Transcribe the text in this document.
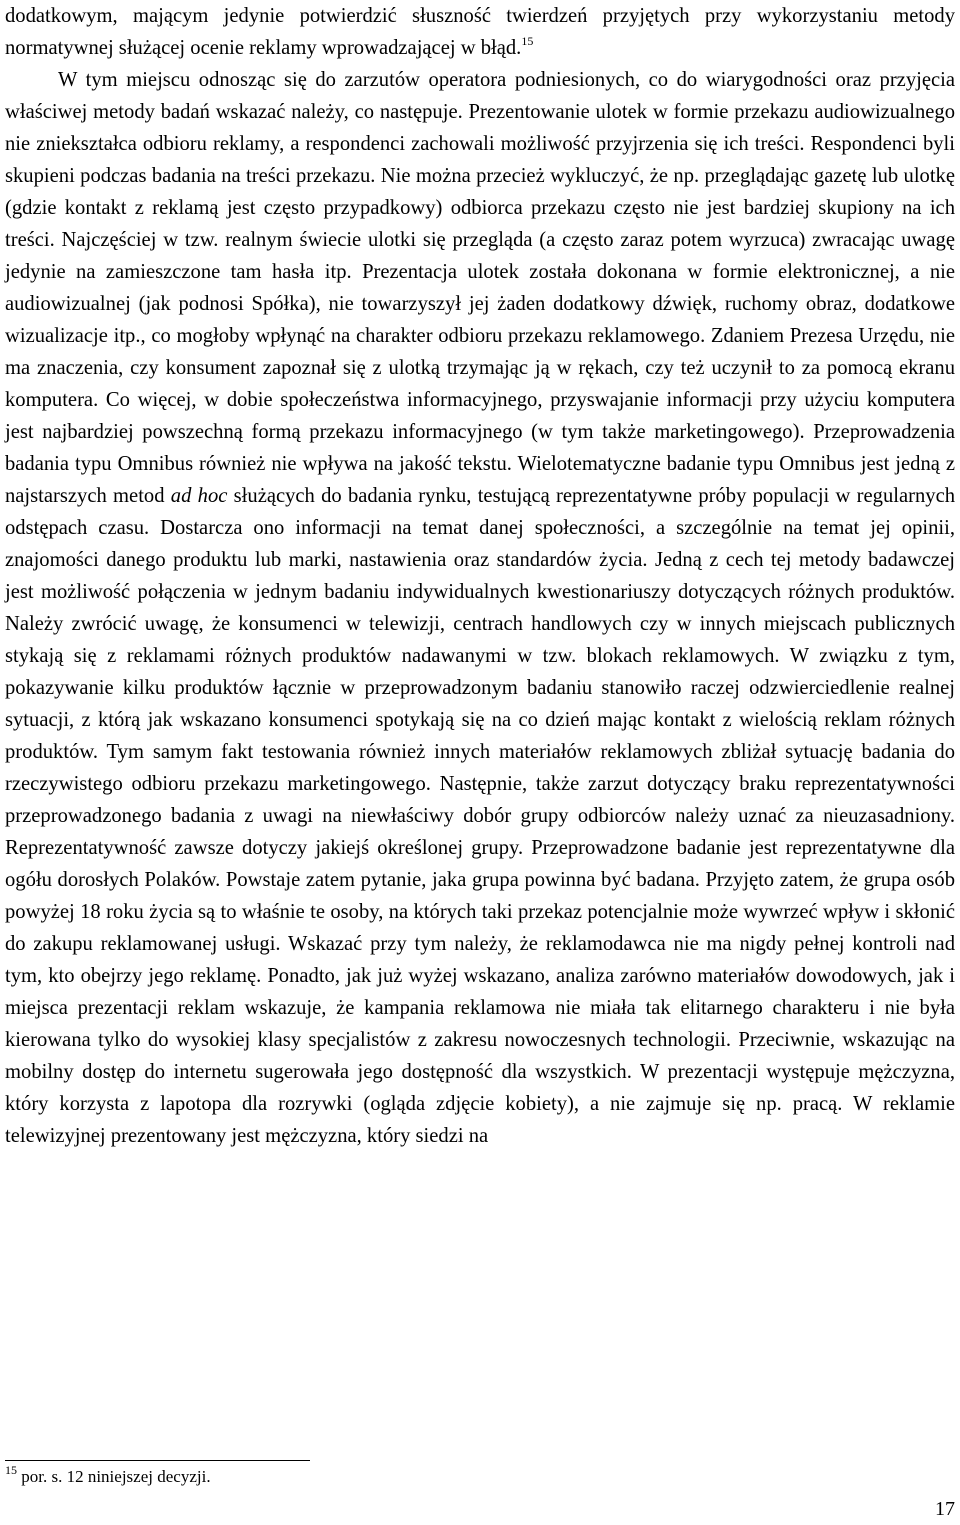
dodatkowym, mającym jedynie potwierdzić słuszność twierdzeń przyjętych przy wykorzystaniu metody normatywnej służącej ocenie reklamy wprowadzającej w błąd.$^{15}$

W tym miejscu odnosząc się do zarzutów operatora podniesionych, co do wiarygodności oraz przyjęcia właściwej metody badań wskazać należy, co następuje. Prezentowanie ulotek w formie przekazu audiowizualnego nie zniekształca odbioru reklamy, a respondenci zachowali możliwość przyjrzenia się ich treści. Respondenci byli skupieni podczas badania na treści przekazu. Nie można przecież wykluczyć, że np. przeglądając gazetę lub ulotkę (gdzie kontakt z reklamą jest często przypadkowy) odbiorca przekazu często nie jest bardziej skupiony na ich treści. Najczęściej w tzw. realnym świecie ulotki się przegląda (a często zaraz potem wyrzuca) zwracając uwagę jedynie na zamieszczone tam hasła itp. Prezentacja ulotek została dokonana w formie elektronicznej, a nie audiowizualnej (jak podnosi Spółka), nie towarzyszył jej żaden dodatkowy dźwięk, ruchomy obraz, dodatkowe wizualizacje itp., co mogłoby wpłynąć na charakter odbioru przekazu reklamowego. Zdaniem Prezesa Urzędu, nie ma znaczenia, czy konsument zapoznał się z ulotką trzymając ją w rękach, czy też uczynił to za pomocą ekranu komputera. Co więcej, w dobie społeczeństwa informacyjnego, przyswajanie informacji przy użyciu komputera jest najbardziej powszechną formą przekazu informacyjnego (w tym także marketingowego). Przeprowadzenia badania typu Omnibus również nie wpływa na jakość tekstu. Wielotematyczne badanie typu Omnibus jest jedną z najstarszych metod ad hoc służących do badania rynku, testującą reprezentatywne próby populacji w regularnych odstępach czasu. Dostarcza ono informacji na temat danej społeczności, a szczególnie na temat jej opinii, znajomości danego produktu lub marki, nastawienia oraz standardów życia. Jedną z cech tej metody badawczej jest możliwość połączenia w jednym badaniu indywidualnych kwestionariuszy dotyczących różnych produktów. Należy zwrócić uwagę, że konsumenci w telewizji, centrach handlowych czy w innych miejscach publicznych stykają się z reklamami różnych produktów nadawanymi w tzw. blokach reklamowych. W związku z tym, pokazywanie kilku produktów łącznie w przeprowadzonym badaniu stanowiło raczej odzwierciedlenie realnej sytuacji, z którą jak wskazano konsumenci spotykają się na co dzień mając kontakt z wielością reklam różnych produktów. Tym samym fakt testowania również innych materiałów reklamowych zbliżał sytuację badania do rzeczywistego odbioru przekazu marketingowego. Następnie, także zarzut dotyczący braku reprezentatywności przeprowadzonego badania z uwagi na niewłaściwy dobór grupy odbiorców należy uznać za nieuzasadniony. Reprezentatywność zawsze dotyczy jakiejś określonej grupy. Przeprowadzone badanie jest reprezentatywne dla ogółu dorosłych Polaków. Powstaje zatem pytanie, jaka grupa powinna być badana. Przyjęto zatem, że grupa osób powyżej 18 roku życia są to właśnie te osoby, na których taki przekaz potencjalnie może wywrzeć wpływ i skłonić do zakupu reklamowanej usługi. Wskazać przy tym należy, że reklamodawca nie ma nigdy pełnej kontroli nad tym, kto obejrzy jego reklamę. Ponadto, jak już wyżej wskazano, analiza zarówno materiałów dowodowych, jak i miejsca prezentacji reklam wskazuje, że kampania reklamowa nie miała tak elitarnego charakteru i nie była kierowana tylko do wysokiej klasy specjalistów z zakresu nowoczesnych technologii. Przeciwnie, wskazując na mobilny dostęp do internetu sugerowała jego dostępność dla wszystkich. W prezentacji występuje mężczyzna, który korzysta z lapotopa dla rozrywki (ogląda zdjęcie kobiety), a nie zajmuje się np. pracą. W reklamie telewizyjnej prezentowany jest mężczyzna, który siedzi na

$^{15}$ por. s. 12 niniejszej decyzji.
17
